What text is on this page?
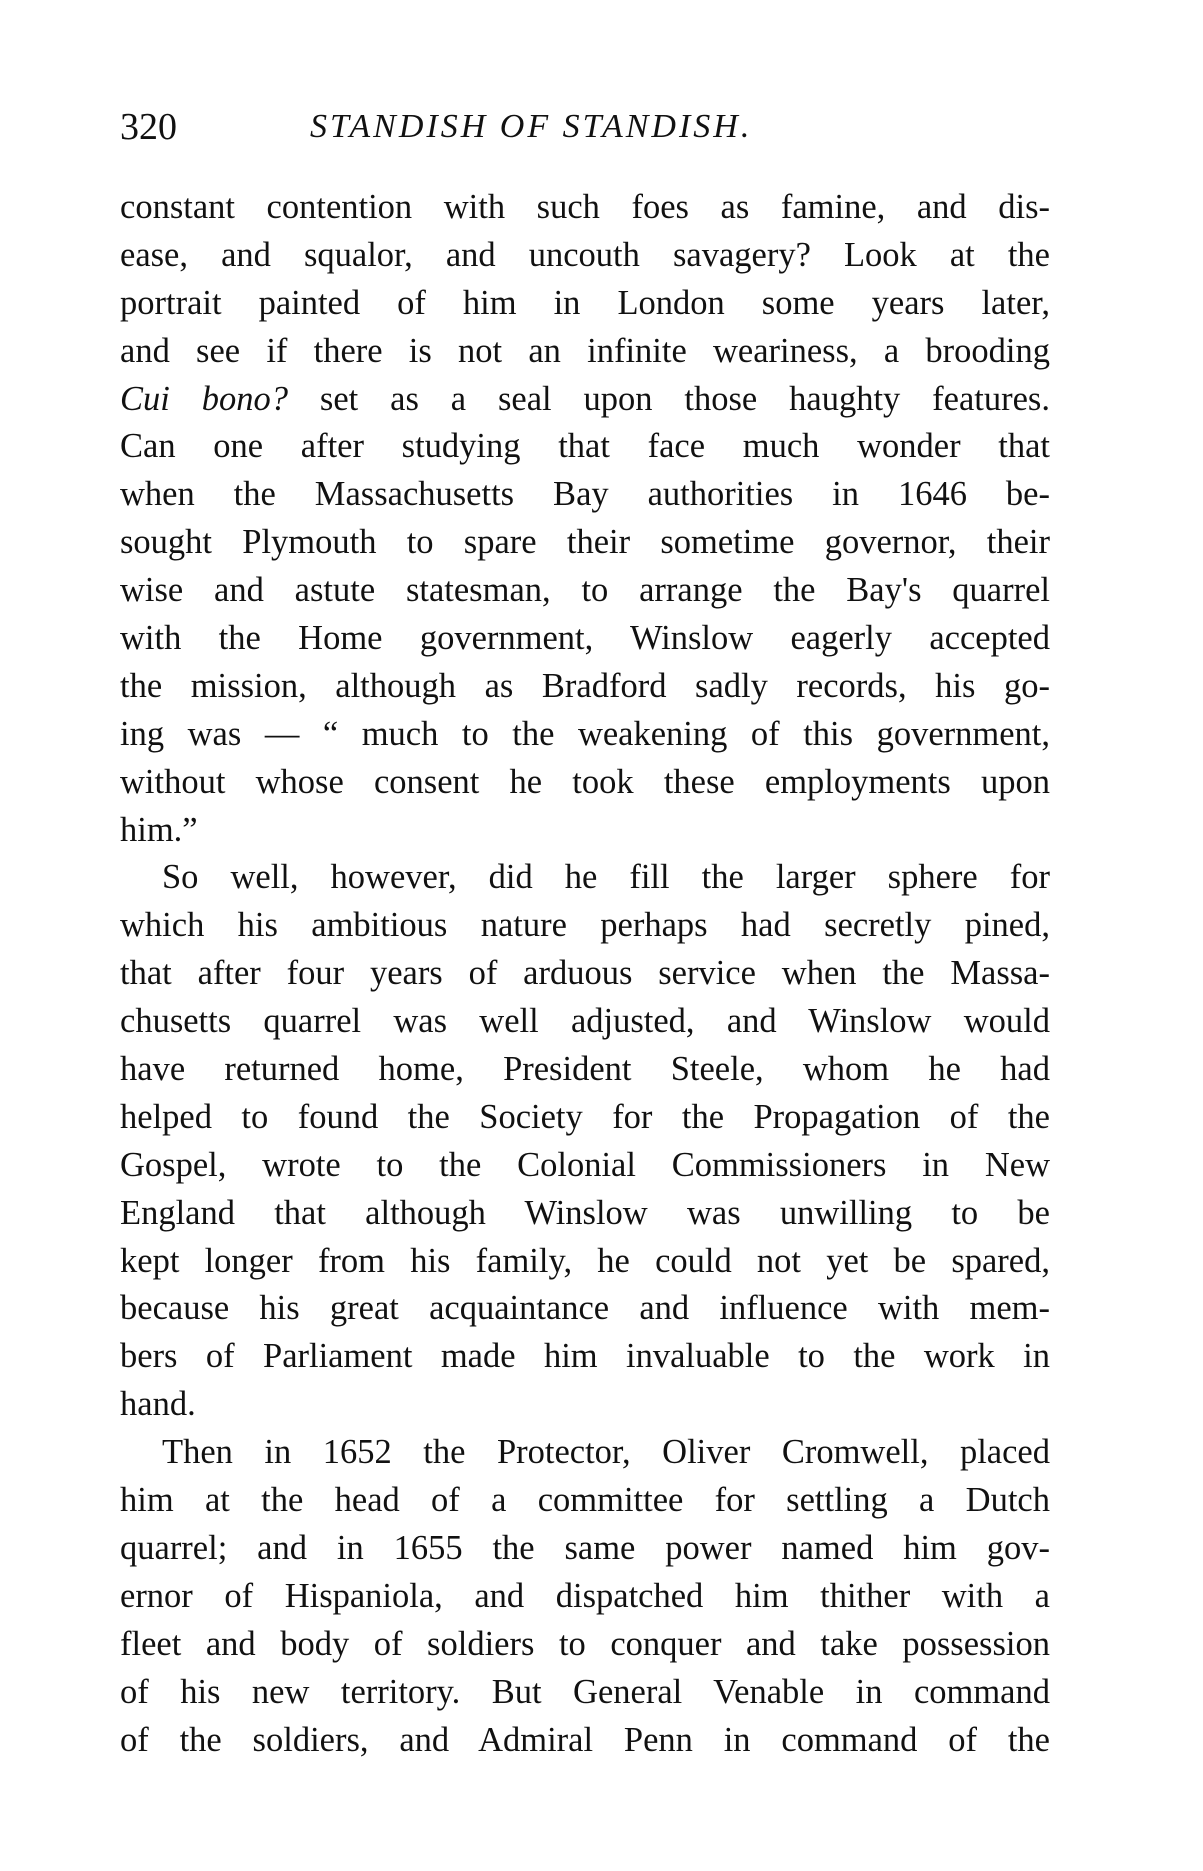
320	STANDISH OF STANDISH.
constant contention with such foes as famine, and dis-
ease, and squalor, and uncouth savagery? Look at the
portrait painted of him in London some years later,
and see if there is not an infinite weariness, a brooding
Cui bono? set as a seal upon those haughty features.
Can one after studying that face much wonder that
when the Massachusetts Bay authorities in 1646 be-
sought Plymouth to spare their sometime governor, their
wise and astute statesman, to arrange the Bay's quarrel
with the Home government, Winslow eagerly accepted
the mission, although as Bradford sadly records, his go-
ing was — “ much to the weakening of this government,
without whose consent he took these employments upon
him.”
So well, however, did he fill the larger sphere for
which his ambitious nature perhaps had secretly pined,
that after four years of arduous service when the Massa-
chusetts quarrel was well adjusted, and Winslow would
have returned home, President Steele, whom he had
helped to found the Society for the Propagation of the
Gospel, wrote to the Colonial Commissioners in New
England that although Winslow was unwilling to be
kept longer from his family, he could not yet be spared,
because his great acquaintance and influence with mem-
bers of Parliament made him invaluable to the work in
hand.
Then in 1652 the Protector, Oliver Cromwell, placed
him at the head of a committee for settling a Dutch
quarrel; and in 1655 the same power named him gov-
ernor of Hispaniola, and dispatched him thither with a
fleet and body of soldiers to conquer and take possession
of his new territory. But General Venable in command
of the soldiers, and Admiral Penn in command of the
